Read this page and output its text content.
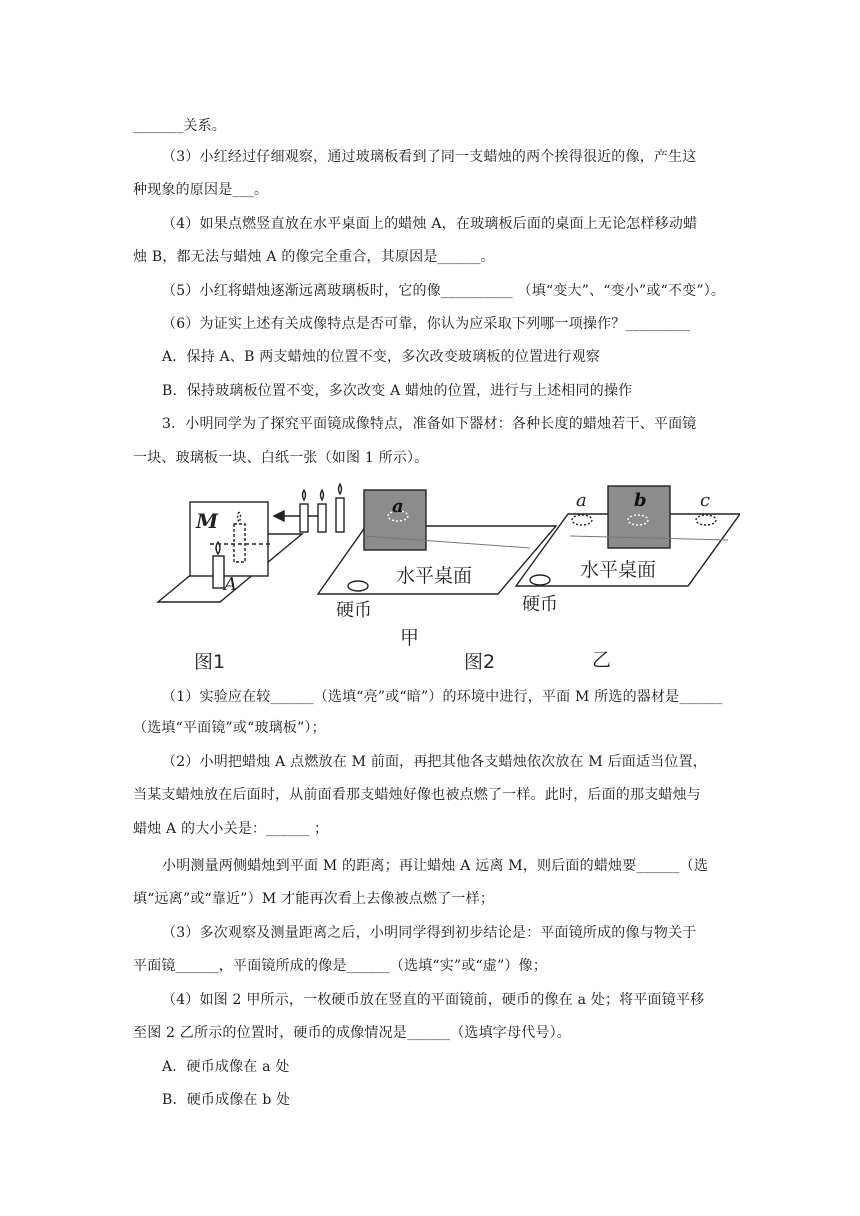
_______关系。
（3）小红经过仔细观察，通过玻璃板看到了同一支蜡烛的两个挨得很近的像，产生这
种现象的原因是___。
（4）如果点燃竖直放在水平桌面上的蜡烛 A，在玻璃板后面的桌面上无论怎样移动蜡
烛 B，都无法与蜡烛 A 的像完全重合，其原因是______。
（5）小红将蜡烛逐渐远离玻璃板时，它的像__________ （填“变大”、“变小”或“不变”）。
（6）为证实上述有关成像特点是否可靠，你认为应采取下列哪一项操作？_________
A．保持 A、B 两支蜡烛的位置不变，多次改变玻璃板的位置进行观察
B．保持玻璃板位置不变，多次改变 A 蜡烛的位置，进行与上述相同的操作
3．小明同学为了探究平面镜成像特点，准备如下器材：各种长度的蜡烛若干、平面镜
一块、玻璃板一块、白纸一张（如图 1 所示）。
M
A
图1
a
水平桌面
硬币
甲
图2
a	b	c
水平桌面
硬币
乙
（1）实验应在较______（选填“亮”或“暗”）的环境中进行，平面 M 所选的器材是______
（选填“平面镜”或“玻璃板”）；
（2）小明把蜡烛 A 点燃放在 M 前面，再把其他各支蜡烛依次放在 M 后面适当位置，
当某支蜡烛放在后面时，从前面看那支蜡烛好像也被点燃了一样。此时，后面的那支蜡烛与
蜡烛 A 的大小关是：______ ；
小明测量两侧蜡烛到平面 M 的距离；再让蜡烛 A 远离 M，则后面的蜡烛要______（选
填“远离”或“靠近”）M 才能再次看上去像被点燃了一样；
（3）多次观察及测量距离之后，小明同学得到初步结论是：平面镜所成的像与物关于
平面镜______，平面镜所成的像是______（选填“实”或“虚”）像；
（4）如图 2 甲所示，一枚硬币放在竖直的平面镜前，硬币的像在 a 处；将平面镜平移
至图 2 乙所示的位置时，硬币的成像情况是______（选填字母代号）。
A．硬币成像在 a 处
B．硬币成像在 b 处
